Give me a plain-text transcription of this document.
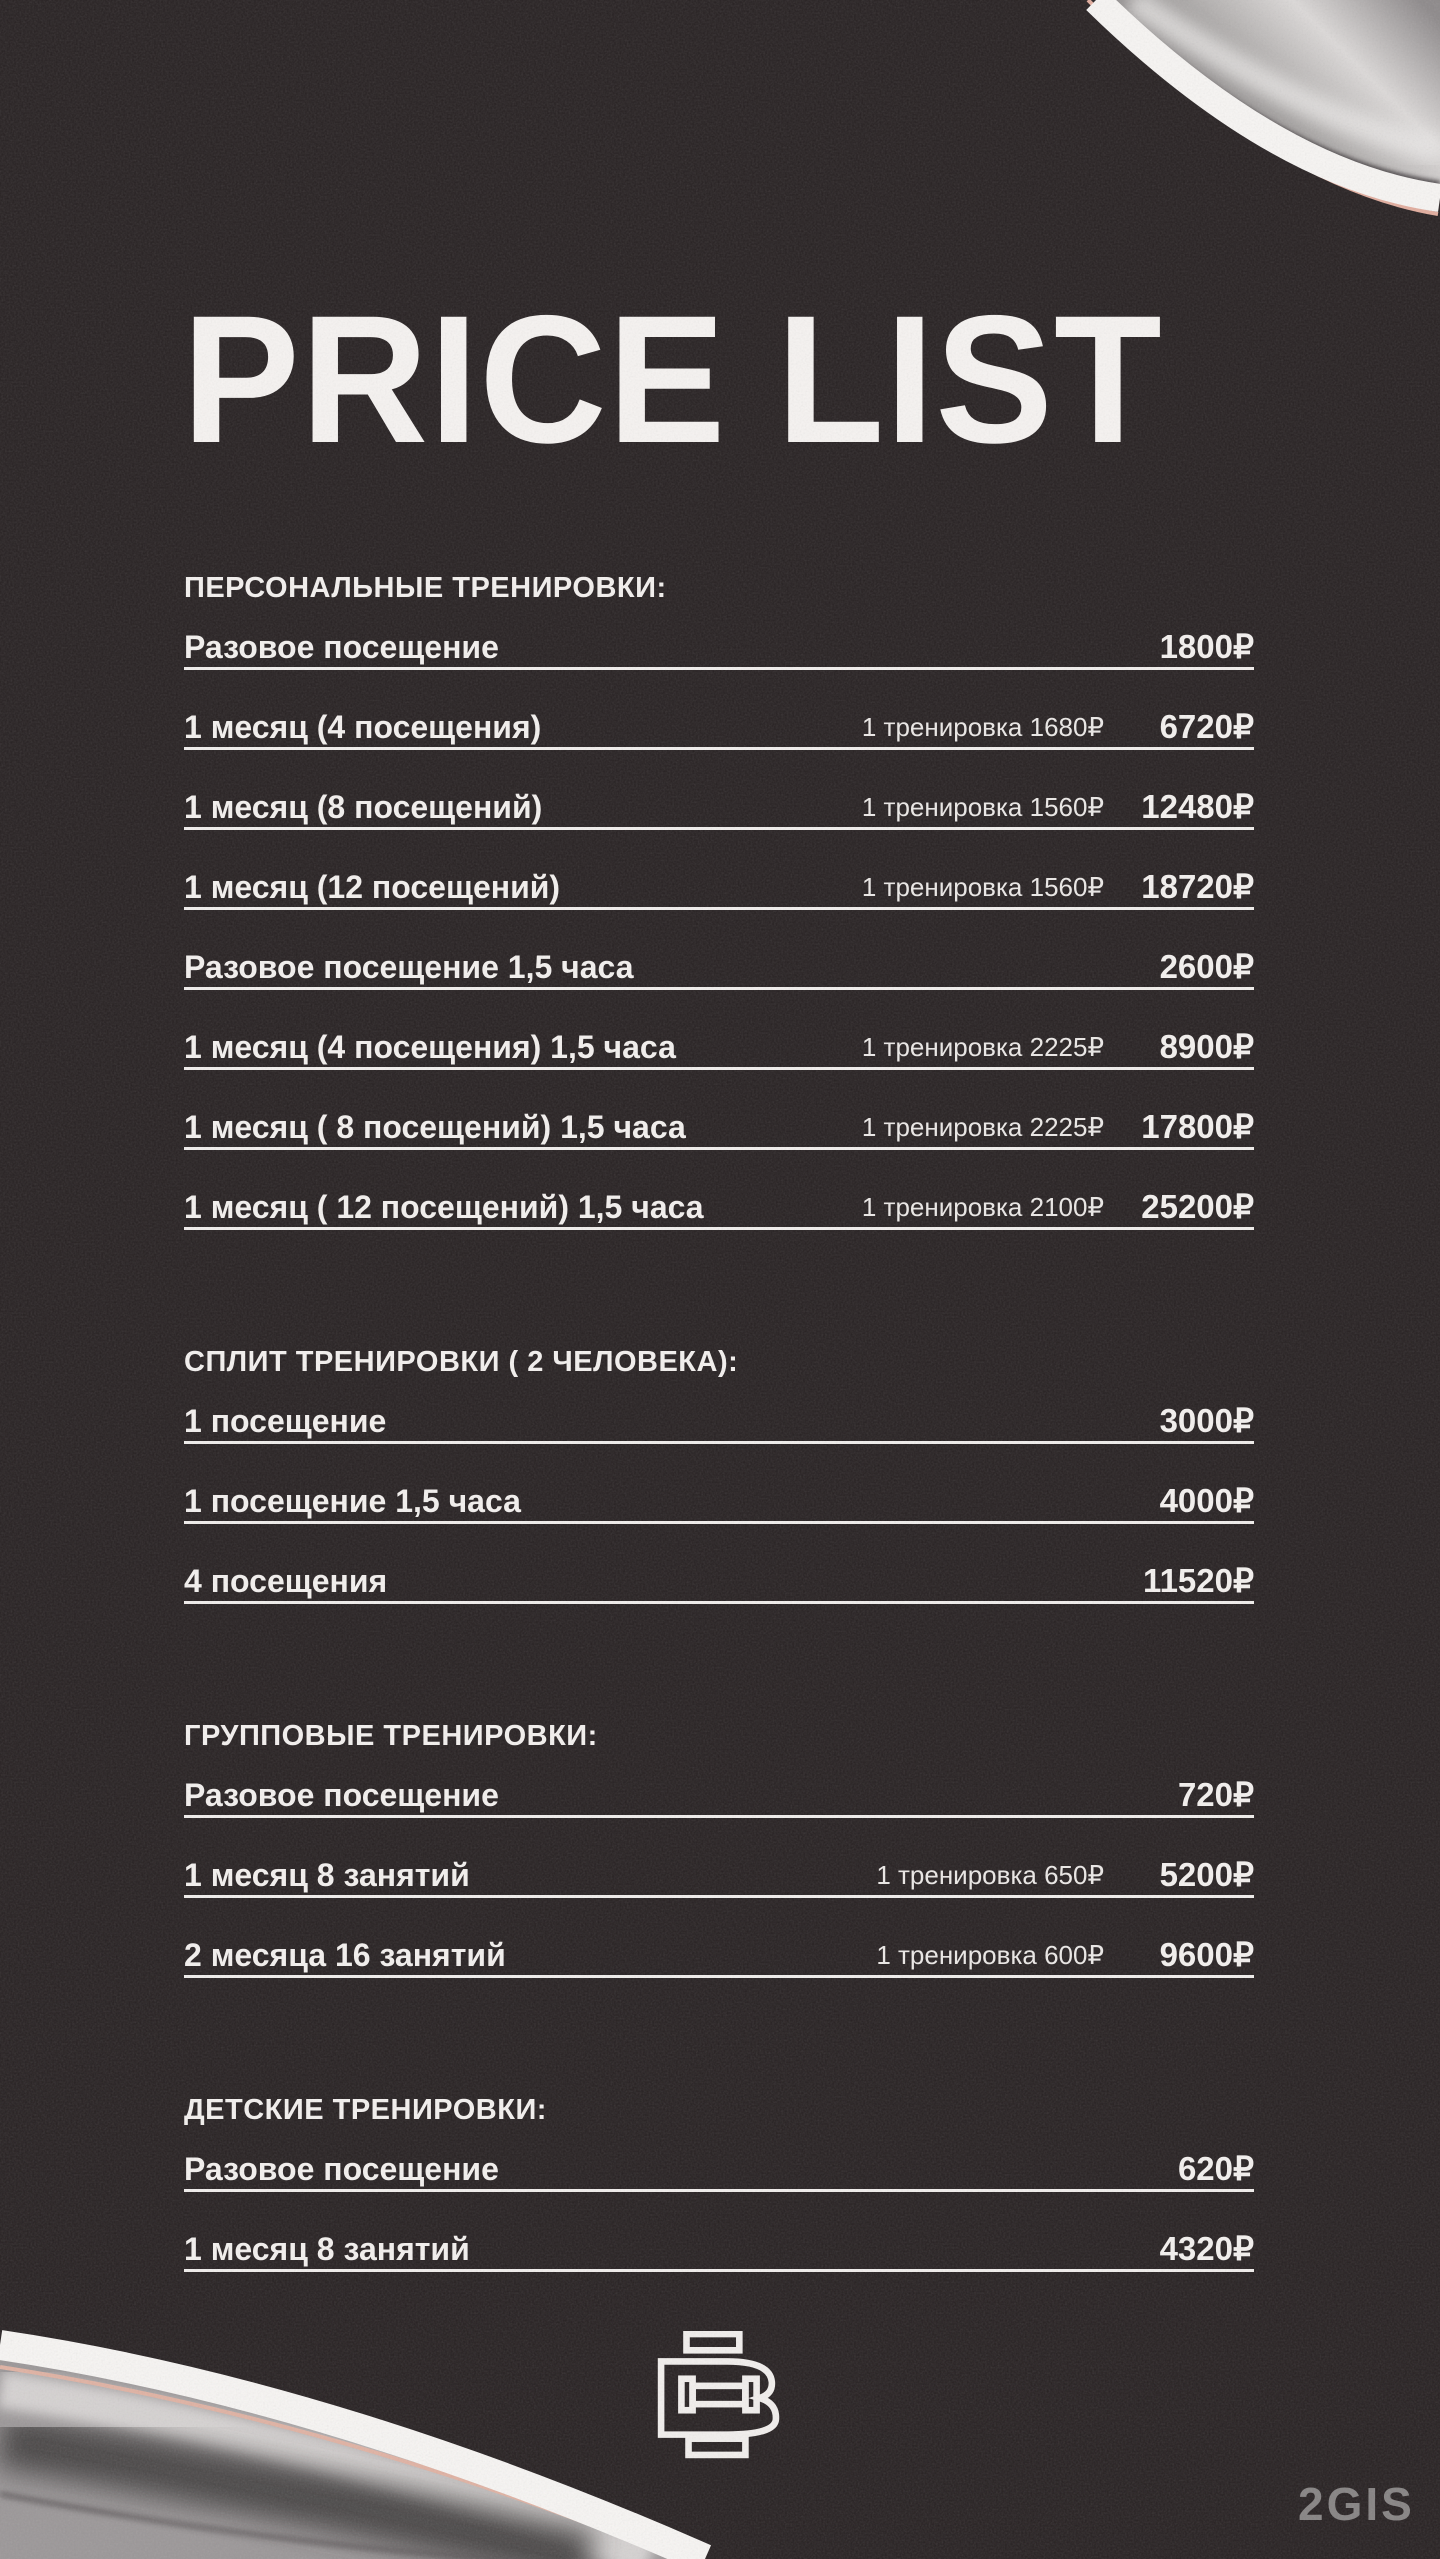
PRICE LIST
ПЕРСОНАЛЬНЫЕ ТРЕНИРОВКИ:
Разовое посещение	1800₽
1 месяц (4 посещения)	1 тренировка 1680₽	6720₽
1 месяц (8 посещений)	1 тренировка 1560₽	12480₽
1 месяц (12 посещений)	1 тренировка 1560₽	18720₽
Разовое посещение 1,5 часа	2600₽
1 месяц (4 посещения) 1,5 часа	1 тренировка 2225₽	8900₽
1 месяц ( 8 посещений) 1,5 часа	1 тренировка 2225₽	17800₽
1 месяц ( 12 посещений) 1,5 часа	1 тренировка 2100₽	25200₽
СПЛИТ ТРЕНИРОВКИ ( 2 ЧЕЛОВЕКА):
1 посещение	3000₽
1 посещение 1,5 часа	4000₽
4 посещения	11520₽
ГРУППОВЫЕ ТРЕНИРОВКИ:
Разовое посещение	720₽
1 месяц 8 занятий	1 тренировка 650₽	5200₽
2 месяца 16 занятий	1 тренировка 600₽	9600₽
ДЕТСКИЕ ТРЕНИРОВКИ:
Разовое посещение	620₽
1 месяц 8 занятий	4320₽
2GIS
